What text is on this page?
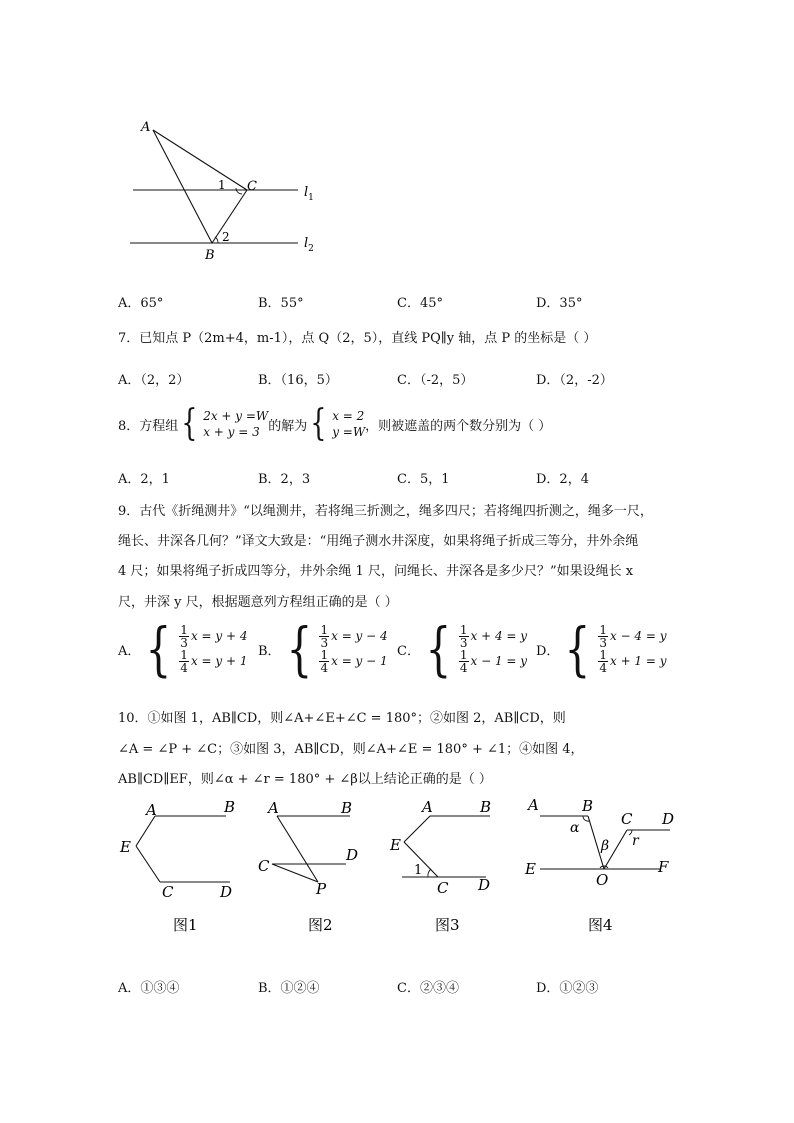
A
1 C
2
B
$l_1$
$l_2$
A．65°	B．55°	C．45°	D．35°
7．已知点 P（2m+4，m-1），点 Q（2，5），直线 PQ∥y 轴，点 P 的坐标是（ ）
A．（2，2）	B．（16，5）	C．（-2，5）	D．（2，-2）
8．方程组 { 2x + y =W
x + y = 3 的解为 { x = 2
y =W ，则被遮盖的两个数分别为（ ）
A．2，1	B．2，3	C．5，1	D．2，4
9．古代《折绳测井》“以绳测井，若将绳三折测之，绳多四尺；若将绳四折测之，绳多一尺，
绳长、井深各几何？”译文大致是：“用绳子测水井深度，如果将绳子折成三等分，井外余绳
4 尺；如果将绳子折成四等分，井外余绳 1 尺，问绳长、井深各是多少尺？”如果设绳长 x
尺，井深 y 尺，根据题意列方程组正确的是（ ）
A． { $\frac{1}{3}$ x = y + 4
$\frac{1}{4}$ x = y + 1
B． { $\frac{1}{3}$ x = y − 4
$\frac{1}{4}$ x = y − 1
C． { $\frac{1}{3}$ x + 4 = y
$\frac{1}{4}$ x − 1 = y
D． { $\frac{1}{3}$ x − 4 = y
$\frac{1}{4}$ x + 1 = y
10．①如图 1，AB∥CD，则∠A+∠E+∠C = 180°；②如图 2，AB∥CD，则
∠A = ∠P + ∠C；③如图 3，AB∥CD，则∠A+∠E = 180° + ∠1；④如图 4，
AB∥CD∥EF，则∠α + ∠r = 180° + ∠β以上结论正确的是（ ）
A	B
E
C	D
A	B
C
D
P
A	B
E
1
C D
A	B
α	C D
β r
E
O
F
图1	图2	图3	图4
A．①③④	B．①②④	C．②③④	D．①②③
